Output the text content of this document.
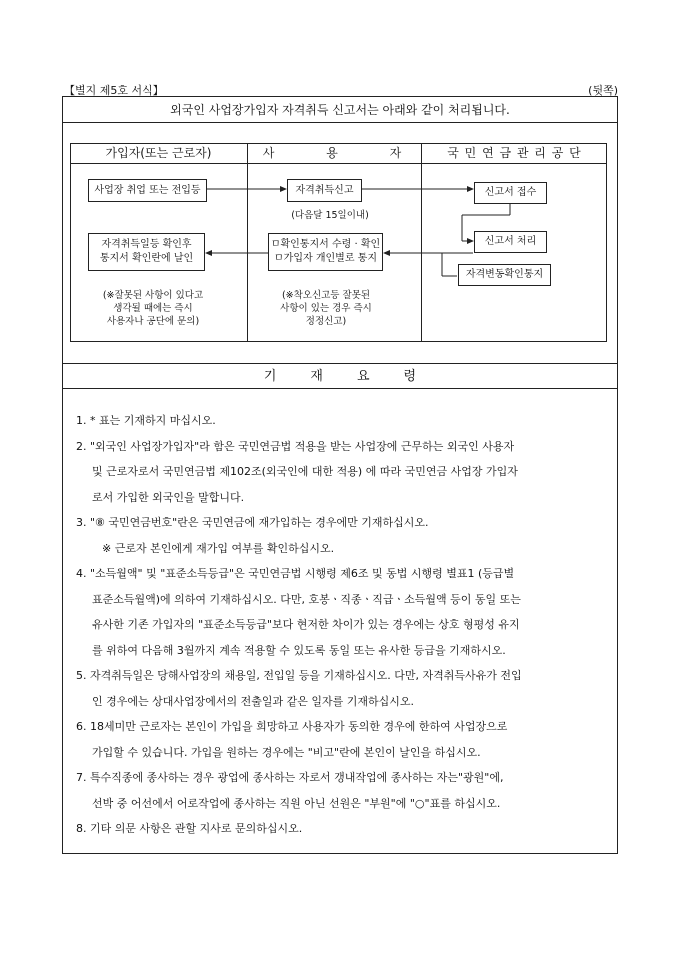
【별지 제5호 서식】	(뒷쪽)
외국인 사업장가입자 자격취득 신고서는 아래와 같이 처리됩니다.
가입자(또는 근로자)	사 용 자	국 민 연 금 관 리 공 단
사업장 취업 또는 전입등	자격취득신고	신고서 접수
(다음달 15일이내)
신고서 처리
자격변동확인통지
ㅁ확인통지서 수령 · 확인
ㅁ가입자 개인별로 통지
자격취득일등 확인후
통지서 확인란에 날인
(※잘못된 사항이 있다고
생각될 때에는 즉시
사용자나 공단에 문의)
(※착오신고등 잘못된
사항이 있는 경우 즉시
정정신고)
기재요령

1. * 표는 기재하지 마십시오.

2. "외국인 사업장가입자"라 함은 국민연금법 적용을 받는 사업장에 근무하는 외국인 사용자

및 근로자로서 국민연금법 제102조(외국인에 대한 적용) 에 따라 국민연금 사업장 가입자

로서 가입한 외국인을 말합니다.

3. "⑧ 국민연금번호"란은 국민연금에 재가입하는 경우에만 기재하십시오.

※ 근로자 본인에게 재가입 여부를 확인하십시오.

4. "소득월액" 및 "표준소득등급"은 국민연금법 시행령 제6조 및 동법 시행령 별표1 (등급별

표준소득월액)에 의하여 기재하십시오. 다만, 호봉ㆍ직종ㆍ직급ㆍ소득월액 등이 동일 또는

유사한 기존 가입자의 "표준소득등급"보다 현저한 차이가 있는 경우에는 상호 형평성 유지

를 위하여 다음해 3월까지 계속 적용할 수 있도록 동일 또는 유사한 등급을 기재하시오.

5. 자격취득일은 당해사업장의 채용일, 전입일 등을 기재하십시오. 다만, 자격취득사유가 전입

인 경우에는 상대사업장에서의 전출일과 같은 일자를 기재하십시오.

6. 18세미만 근로자는 본인이 가입을 희망하고 사용자가 동의한 경우에 한하여 사업장으로

가입할 수 있습니다. 가입을 원하는 경우에는 "비고"란에 본인이 날인을 하십시오.

7. 특수직종에 종사하는 경우 광업에 종사하는 자로서 갱내작업에 종사하는 자는"광원"에,

선박 중 어선에서 어로작업에 종사하는 직원 아닌 선원은 "부원"에 "○"표를 하십시오.

8. 기타 의문 사항은 관할 지사로 문의하십시오.
